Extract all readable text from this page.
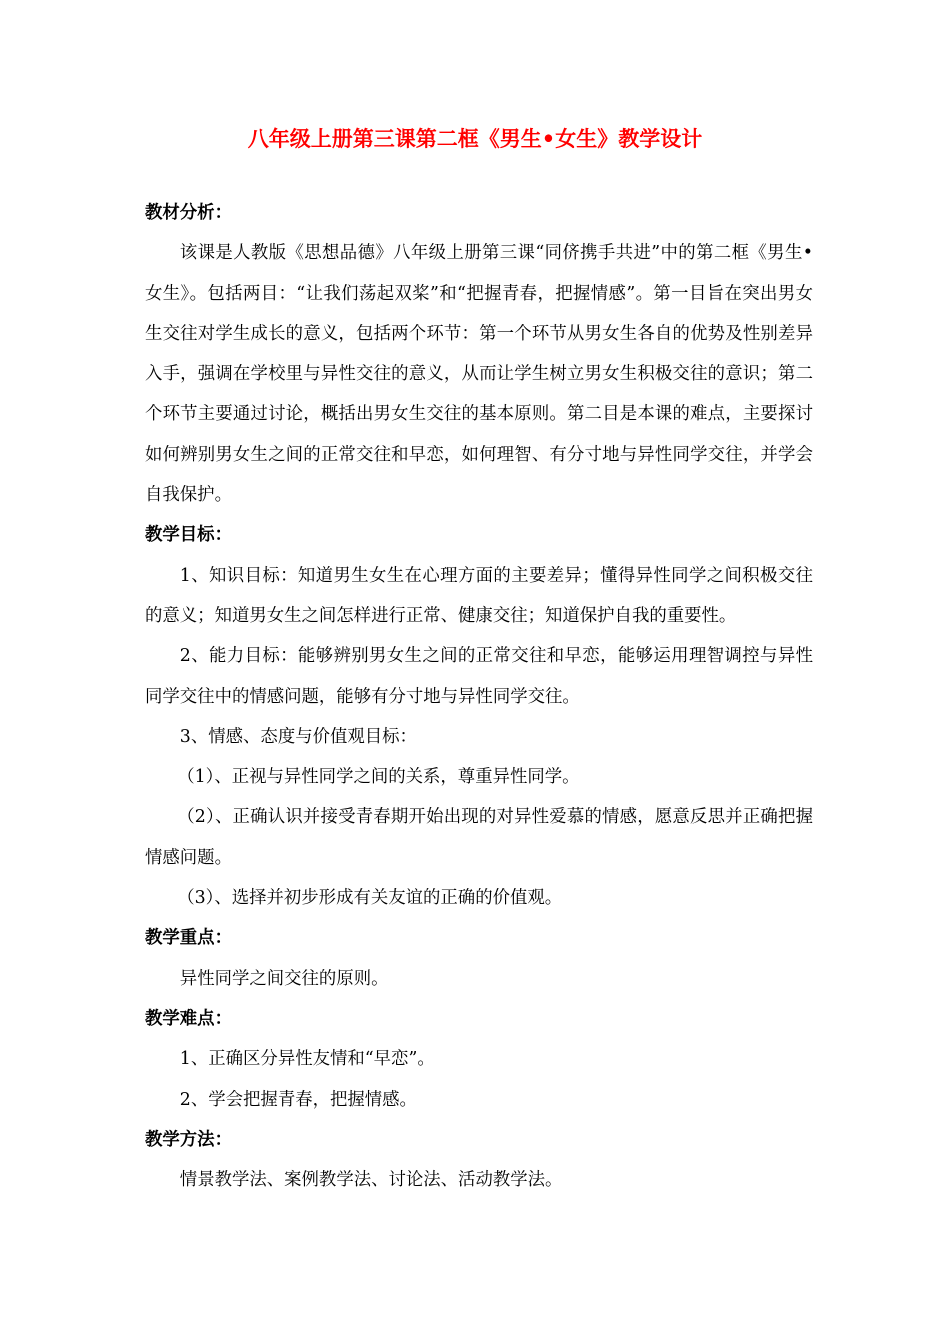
八年级上册第三课第二框《男生•女生》教学设计
教材分析：
该课是人教版《思想品德》八年级上册第三课“同侪携手共进”中的第二框《男生•女生》。包括两目：“让我们荡起双桨”和“把握青春，把握情感”。第一目旨在突出男女生交往对学生成长的意义，包括两个环节：第一个环节从男女生各自的优势及性别差异入手，强调在学校里与异性交往的意义，从而让学生树立男女生积极交往的意识；第二个环节主要通过讨论，概括出男女生交往的基本原则。第二目是本课的难点，主要探讨如何辨别男女生之间的正常交往和早恋，如何理智、有分寸地与异性同学交往，并学会自我保护。
教学目标：
1、知识目标：知道男生女生在心理方面的主要差异；懂得异性同学之间积极交往的意义；知道男女生之间怎样进行正常、健康交往；知道保护自我的重要性。
2、能力目标：能够辨别男女生之间的正常交往和早恋，能够运用理智调控与异性同学交往中的情感问题，能够有分寸地与异性同学交往。
3、情感、态度与价值观目标：
（1）、正视与异性同学之间的关系，尊重异性同学。
（2）、正确认识并接受青春期开始出现的对异性爱慕的情感，愿意反思并正确把握情感问题。
（3）、选择并初步形成有关友谊的正确的价值观。
教学重点：
异性同学之间交往的原则。
教学难点：
1、正确区分异性友情和“早恋”。
2、学会把握青春，把握情感。
教学方法：
情景教学法、案例教学法、讨论法、活动教学法。
